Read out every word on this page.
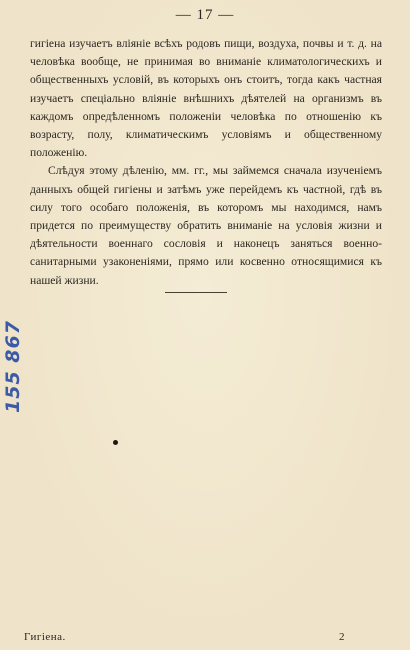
— 17 —

гигіена изучаетъ вліяніе всѣхъ родовъ пищи, воздуха, почвы и т. д. на человѣка вообще, не принимая во вниманіе климатологическихъ и общественныхъ условій, въ которыхъ онъ стоитъ, тогда какъ частная изучаетъ спеціально вліяніе внѣшнихъ дѣятелей на организмъ въ каждомъ опредѣленномъ положеніи человѣка по отношенію къ возрасту, полу, климатическимъ условіямъ и общественному положенію.

Слѣдуя этому дѣленію, мм. гг., мы займемся сначала изученіемъ данныхъ общей гигіены и затѣмъ уже перейдемъ къ частной, гдѣ въ силу того особаго положенія, въ которомъ мы находимся, намъ придется по преимуществу обратить вниманіе на условія жизни и дѣятельности военнаго сословія и наконецъ заняться военно-санитарными узаконеніями, прямо или косвенно относящимися къ нашей жизни.

155 867
Гигіена.	2
